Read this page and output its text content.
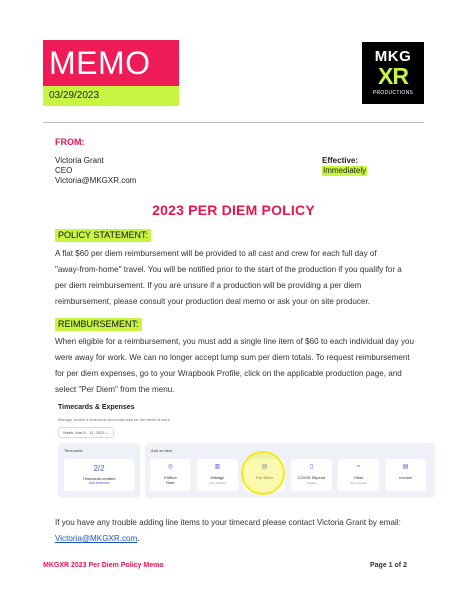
MEMO
03/29/2023
MKG
XR
PRODUCTIONS
FROM:
Victoria Grant
CEO
Victoria@MKGXR.com
Effective:
Immediately
2023 PER DIEM POLICY
POLICY STATEMENT:
A flat $60 per diem reimbursement will be provided to all cast and crew for each full day of
"away-from-home" travel. You will be notified prior to the start of the production if you qualify for a
per diem reimbursement. If you are unsure if a production will be providing a per diem
reimbursement, please consult your production deal memo or ask your on site producer.
REIMBURSEMENT:
When eligible for a reimbursement, you must add a single line item of $60 to each individual day you
were away for work. We can no longer accept lump sum per diem totals. To request reimbursement
for per diem expenses, go to your Wrapbook Profile, click on the applicable production page, and
select "Per Diem" from the menu.
Timecards & Expenses
Manage worker's timecards and expenses for the week of work.
Week: Mar 5 - 11, 2023 ⌄
Timecards
2/2
Timecards created
Add timecard
Add an item
◎
Kit/Box
Rate
▥
Mileage
Non-Taxable
▤
Per Diem
▯
COVID Stipend
Taxable
≈
Other
Non-Taxable
▤
Invoice
If you have any trouble adding line items to your timecard please contact Victoria Grant by email:
Victoria@MKGXR.com.
MKGXR 2023 Per Diem Policy Memo	Page 1 of 2
